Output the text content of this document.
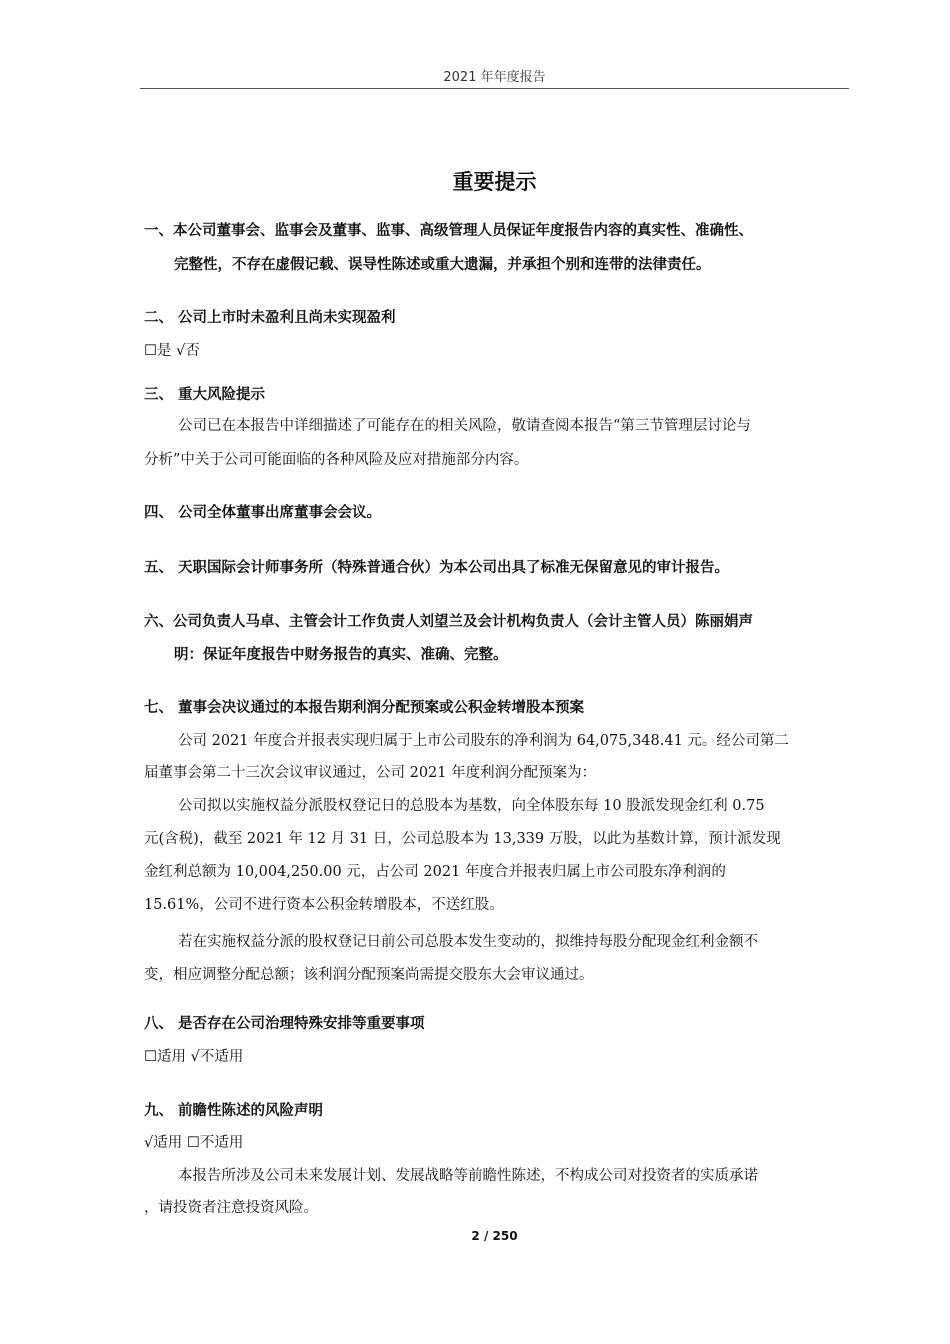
2021 年年度报告
重要提示
一、本公司董事会、监事会及董事、监事、高级管理人员保证年度报告内容的真实性、准确性、
完整性，不存在虚假记载、误导性陈述或重大遗漏，并承担个别和连带的法律责任。
二、 公司上市时未盈利且尚未实现盈利
☐是 √否
三、 重大风险提示
公司已在本报告中详细描述了可能存在的相关风险，敬请查阅本报告“第三节管理层讨论与
分析”中关于公司可能面临的各种风险及应对措施部分内容。
四、 公司全体董事出席董事会会议。
五、 天职国际会计师事务所（特殊普通合伙）为本公司出具了标准无保留意见的审计报告。
六、公司负责人马卓、主管会计工作负责人刘望兰及会计机构负责人（会计主管人员）陈丽娟声
明：保证年度报告中财务报告的真实、准确、完整。
七、 董事会决议通过的本报告期利润分配预案或公积金转增股本预案
公司 2021 年度合并报表实现归属于上市公司股东的净利润为 64,075,348.41 元。经公司第二
届董事会第二十三次会议审议通过，公司 2021 年度利润分配预案为：
公司拟以实施权益分派股权登记日的总股本为基数，向全体股东每 10 股派发现金红利 0.75
元(含税)，截至 2021 年 12 月 31 日，公司总股本为 13,339 万股，以此为基数计算，预计派发现
金红利总额为 10,004,250.00 元，占公司 2021 年度合并报表归属上市公司股东净利润的
15.61%，公司不进行资本公积金转增股本，不送红股。
若在实施权益分派的股权登记日前公司总股本发生变动的，拟维持每股分配现金红利金额不
变，相应调整分配总额；该利润分配预案尚需提交股东大会审议通过。
八、 是否存在公司治理特殊安排等重要事项
☐适用 √不适用
九、 前瞻性陈述的风险声明
√适用 ☐不适用
本报告所涉及公司未来发展计划、发展战略等前瞻性陈述，不构成公司对投资者的实质承诺
，请投资者注意投资风险。
2 / 250
